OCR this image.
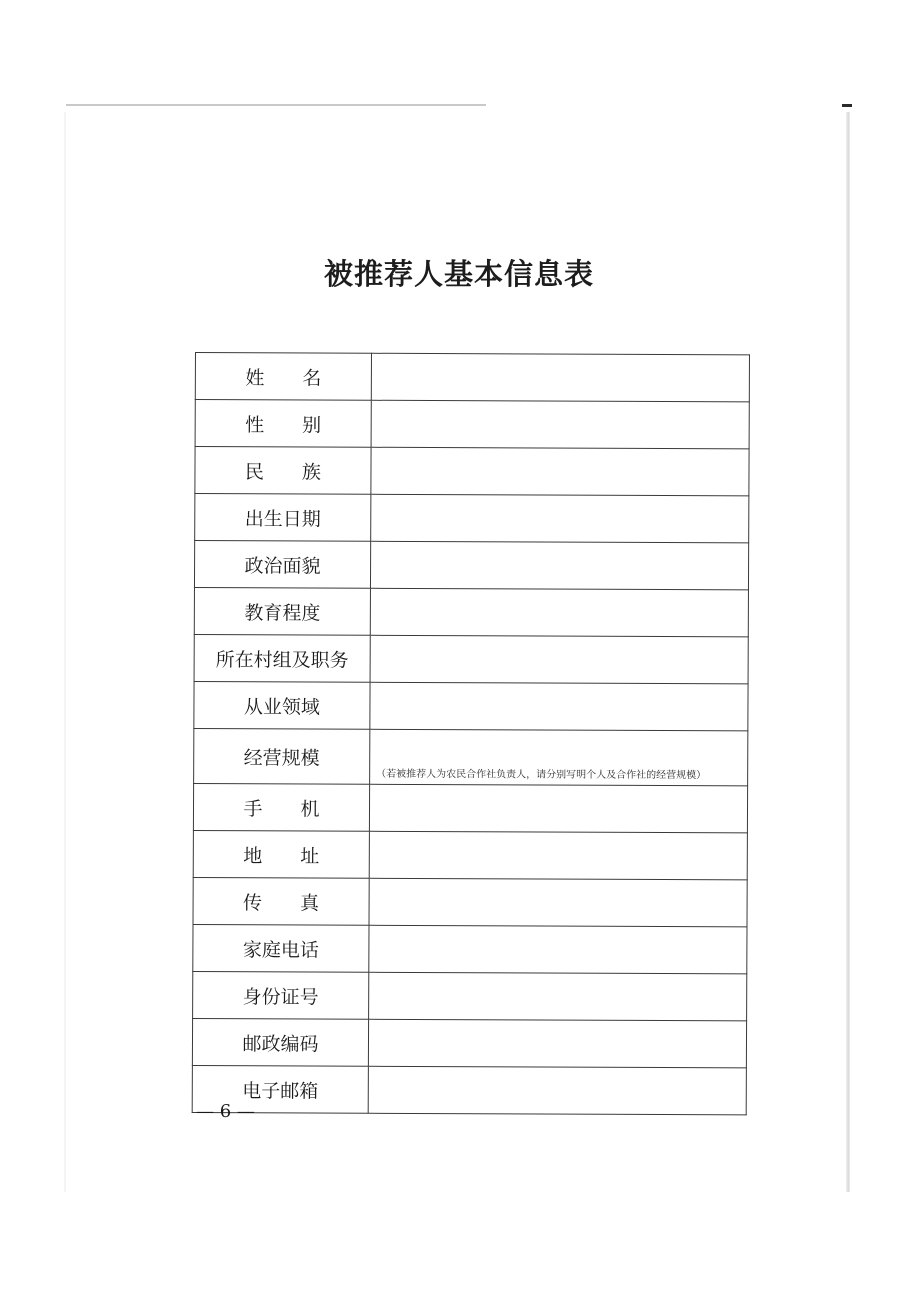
被推荐人基本信息表
姓　　名	
性　　别	
民　　族	
出生日期	
政治面貌	
教育程度	
所在村组及职务	
从业领域	
经营规模	（若被推荐人为农民合作社负责人，请分别写明个人及合作社的经营规模）

手　　机	
地　　址	
传　　真	
家庭电话	
身份证号	
邮政编码	
电子邮箱	
— 6 —
